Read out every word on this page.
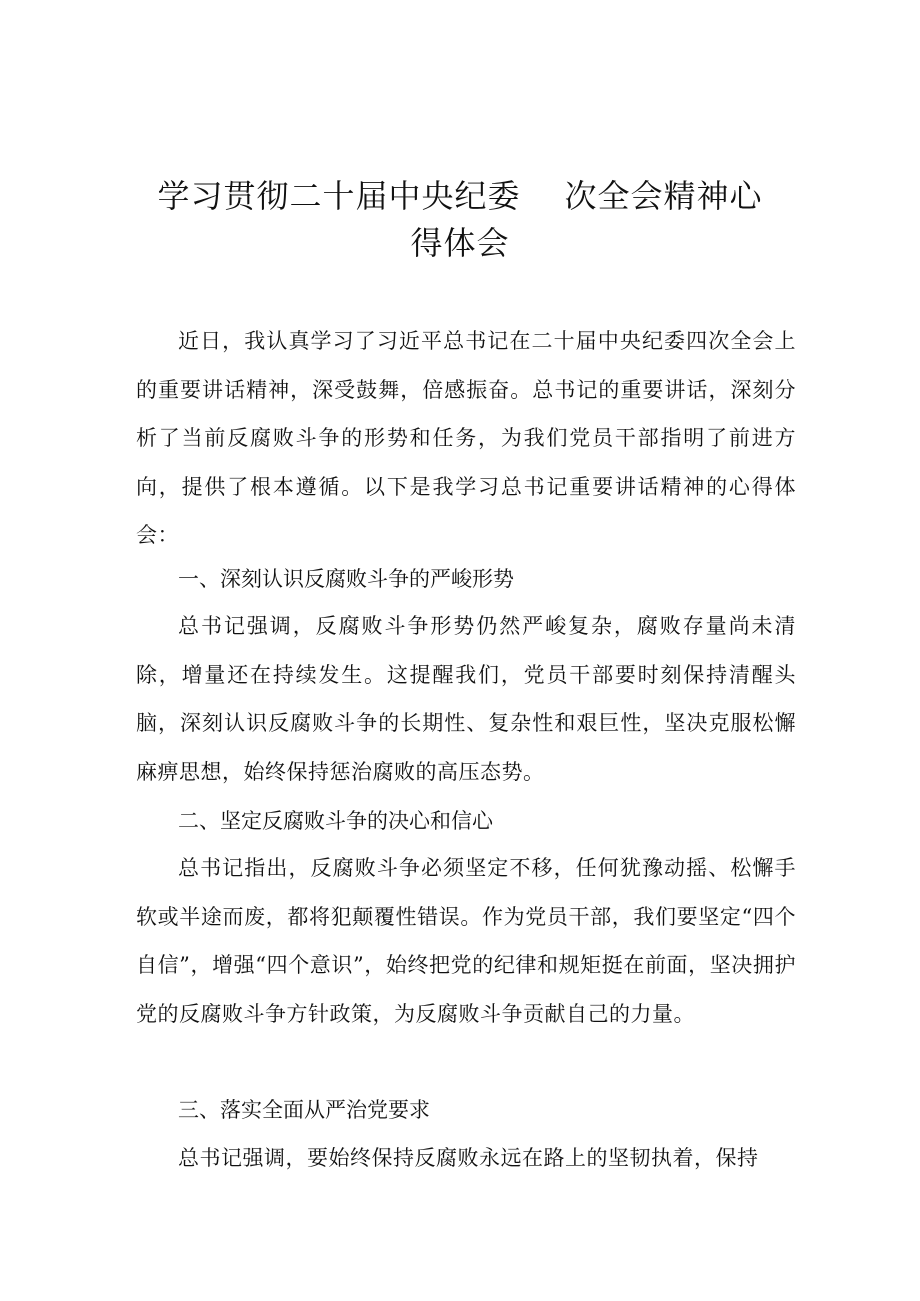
学习贯彻二十届中央纪委 次全会精神心
得体会

近日，我认真学习了习近平总书记在二十届中央纪委四次全会上的重要讲话精神，深受鼓舞，倍感振奋。总书记的重要讲话，深刻分析了当前反腐败斗争的形势和任务，为我们党员干部指明了前进方向，提供了根本遵循。以下是我学习总书记重要讲话精神的心得体会：

一、深刻认识反腐败斗争的严峻形势

总书记强调，反腐败斗争形势仍然严峻复杂，腐败存量尚未清除，增量还在持续发生。这提醒我们，党员干部要时刻保持清醒头脑，深刻认识反腐败斗争的长期性、复杂性和艰巨性，坚决克服松懈麻痹思想，始终保持惩治腐败的高压态势。

二、坚定反腐败斗争的决心和信心

总书记指出，反腐败斗争必须坚定不移，任何犹豫动摇、松懈手软或半途而废，都将犯颠覆性错误。作为党员干部，我们要坚定“四个自信”，增强“四个意识”，始终把党的纪律和规矩挺在前面，坚决拥护党的反腐败斗争方针政策，为反腐败斗争贡献自己的力量。

三、落实全面从严治党要求

总书记强调，要始终保持反腐败永远在路上的坚韧执着，保持
